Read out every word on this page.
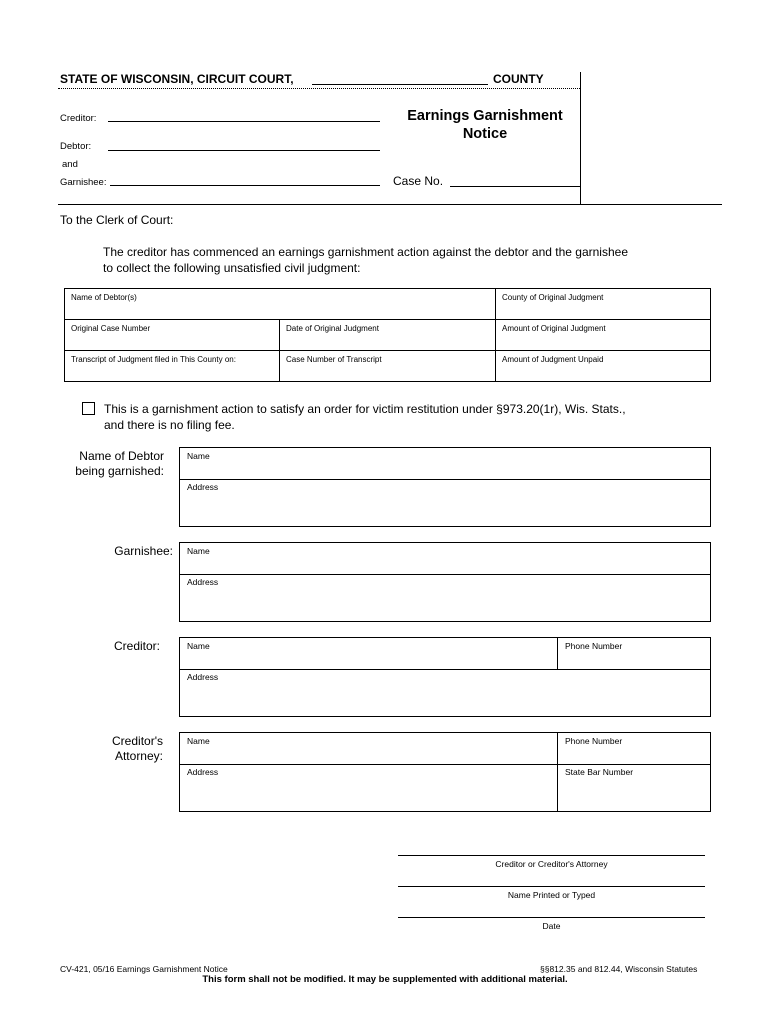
STATE OF WISCONSIN, CIRCUIT COURT,	COUNTY
Creditor:
Debtor:
and
Garnishee:
Earnings Garnishment
Notice
Case No.
To the Clerk of Court:
The creditor has commenced an earnings garnishment action against the debtor and the garnishee
to collect the following unsatisfied civil judgment:
Name of Debtor(s)		County of Original Judgment
Original Case Number	Date of Original Judgment	Amount of Original Judgment
Transcript of Judgment filed in This County on:	Case Number of Transcript	Amount of Judgment Unpaid
This is a garnishment action to satisfy an order for victim restitution under §973.20(1r), Wis. Stats.,
and there is no filing fee.
Name of Debtor
being garnished:
Name
Address
Garnishee: Name
Address
Creditor:	Name	Phone Number
Address
Creditor's
Attorney:
Name	Phone Number
Address	State Bar Number
Creditor or Creditor's Attorney
Name Printed or Typed
Date
CV-421, 05/16 Earnings Garnishment Notice	§§812.35 and 812.44, Wisconsin Statutes
This form shall not be modified. It may be supplemented with additional material.
